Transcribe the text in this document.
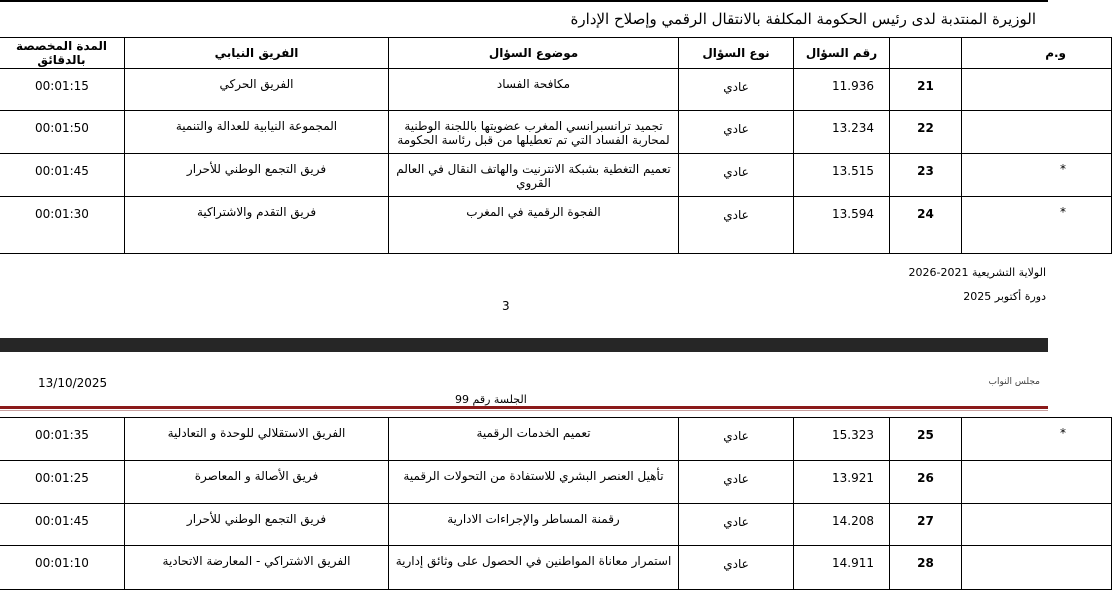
الوزيرة المنتدبة لدى رئيس الحكومة المكلفة بالانتقال الرقمي وإصلاح الإدارة
المدة المخصصة بالدقائق	الفريق النيابي	موضوع السؤال	نوع السؤال	رقم السؤال		و.م
00:01:15	الفريق الحركي	مكافحة الفساد	عادي	11.936	21	
00:01:50	المجموعة النيابية للعدالة والتنمية	تجميد ترانسبرانسي المغرب عضويتها باللجنة الوطنية لمحاربة الفساد التي تم تعطيلها من قبل رئاسة الحكومة	عادي	13.234	22	
00:01:45	فريق التجمع الوطني للأحرار	تعميم التغطية بشبكة الانترنيت والهاتف النقال في العالم القروي	عادي	13.515	23	*
00:01:30	فريق التقدم والاشتراكية	الفجوة الرقمية في المغرب	عادي	13.594	24	*
الولاية التشريعية 2021-2026
دورة أكتوبر 2025
3
13/10/2025	مجلس النواب
الجلسة رقم 99
00:01:35	الفريق الاستقلالي للوحدة و التعادلية	تعميم الخدمات الرقمية	عادي	15.323	25	*
00:01:25	فريق الأصالة و المعاصرة	تأهيل العنصر البشري للاستفادة من التحولات الرقمية	عادي	13.921	26	
00:01:45	فريق التجمع الوطني للأحرار	رقمنة المساطر والإجراءات الادارية	عادي	14.208	27	
00:01:10	الفريق الاشتراكي - المعارضة الاتحادية	استمرار معاناة المواطنين في الحصول على وثائق إدارية	عادي	14.911	28	
